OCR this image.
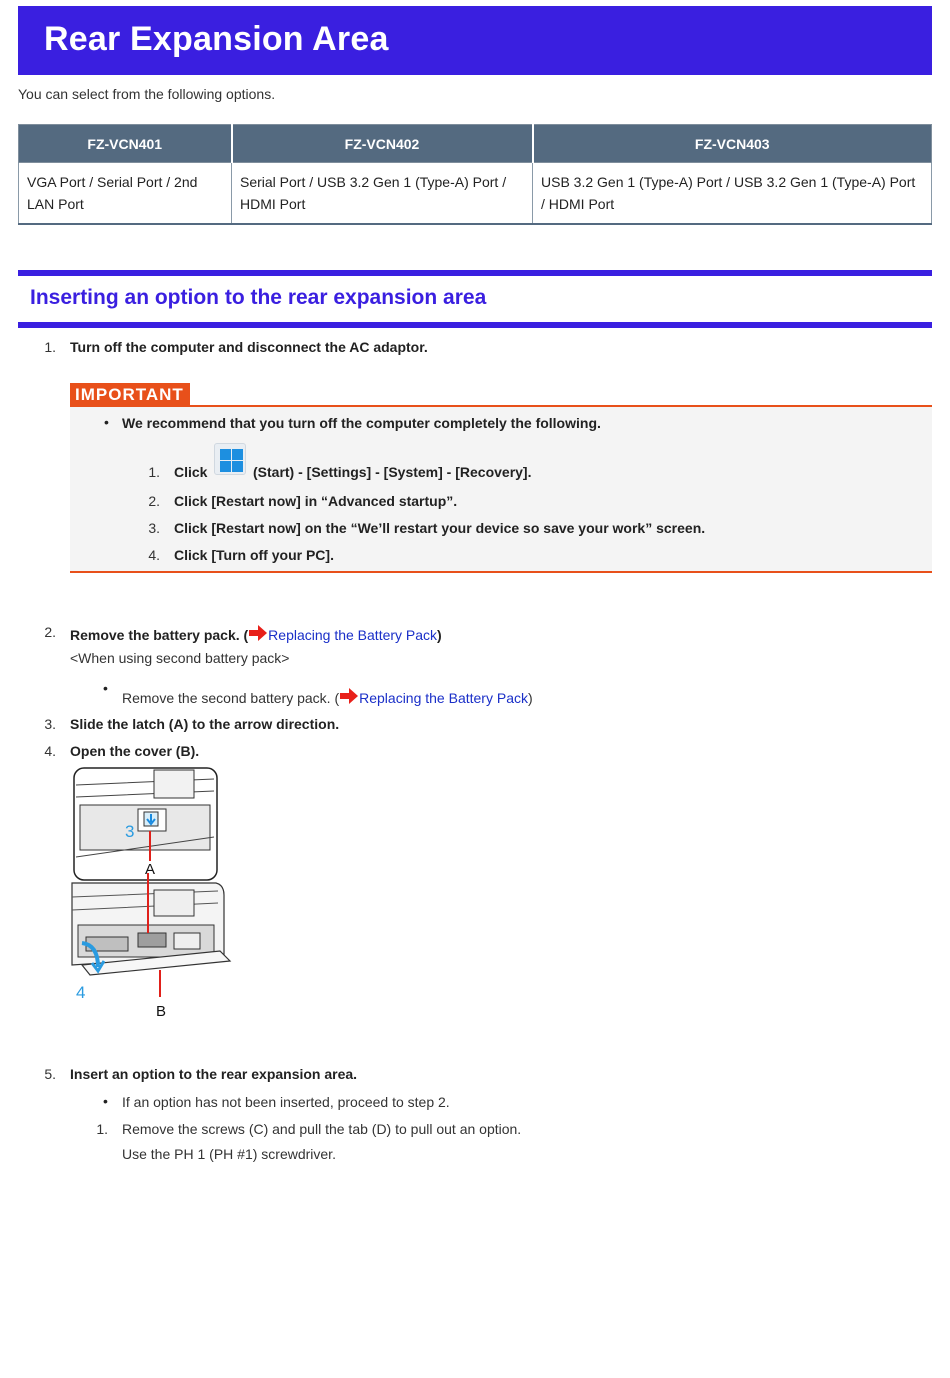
Rear Expansion Area
You can select from the following options.
FZ-VCN401	FZ-VCN402	FZ-VCN403
VGA Port / Serial Port / 2nd LAN Port	Serial Port / USB 3.2 Gen 1 (Type-A) Port / HDMI Port	USB 3.2 Gen 1 (Type-A) Port / USB 3.2 Gen 1 (Type-A) Port / HDMI Port
Inserting an option to the rear expansion area
1. Turn off the computer and disconnect the AC adaptor.
IMPORTANT
• We recommend that you turn off the computer completely the following.
1. Click	(Start) - [Settings] - [System] - [Recovery].
2. Click [Restart now] in “Advanced startup”.
3. Click [Restart now] on the “We’ll restart your device so save your work” screen.
4. Click [Turn off your PC].
2. Remove the battery pack. ( Replacing the Battery Pack)
<When using second battery pack>
•
Remove the second battery pack. ( Replacing the Battery Pack)
3. Slide the latch (A) to the arrow direction.
4. Open the cover (B).
3
A
4
B
5. Insert an option to the rear expansion area.
• If an option has not been inserted, proceed to step 2.
1. Remove the screws (C) and pull the tab (D) to pull out an option.
Use the PH 1 (PH #1) screwdriver.
